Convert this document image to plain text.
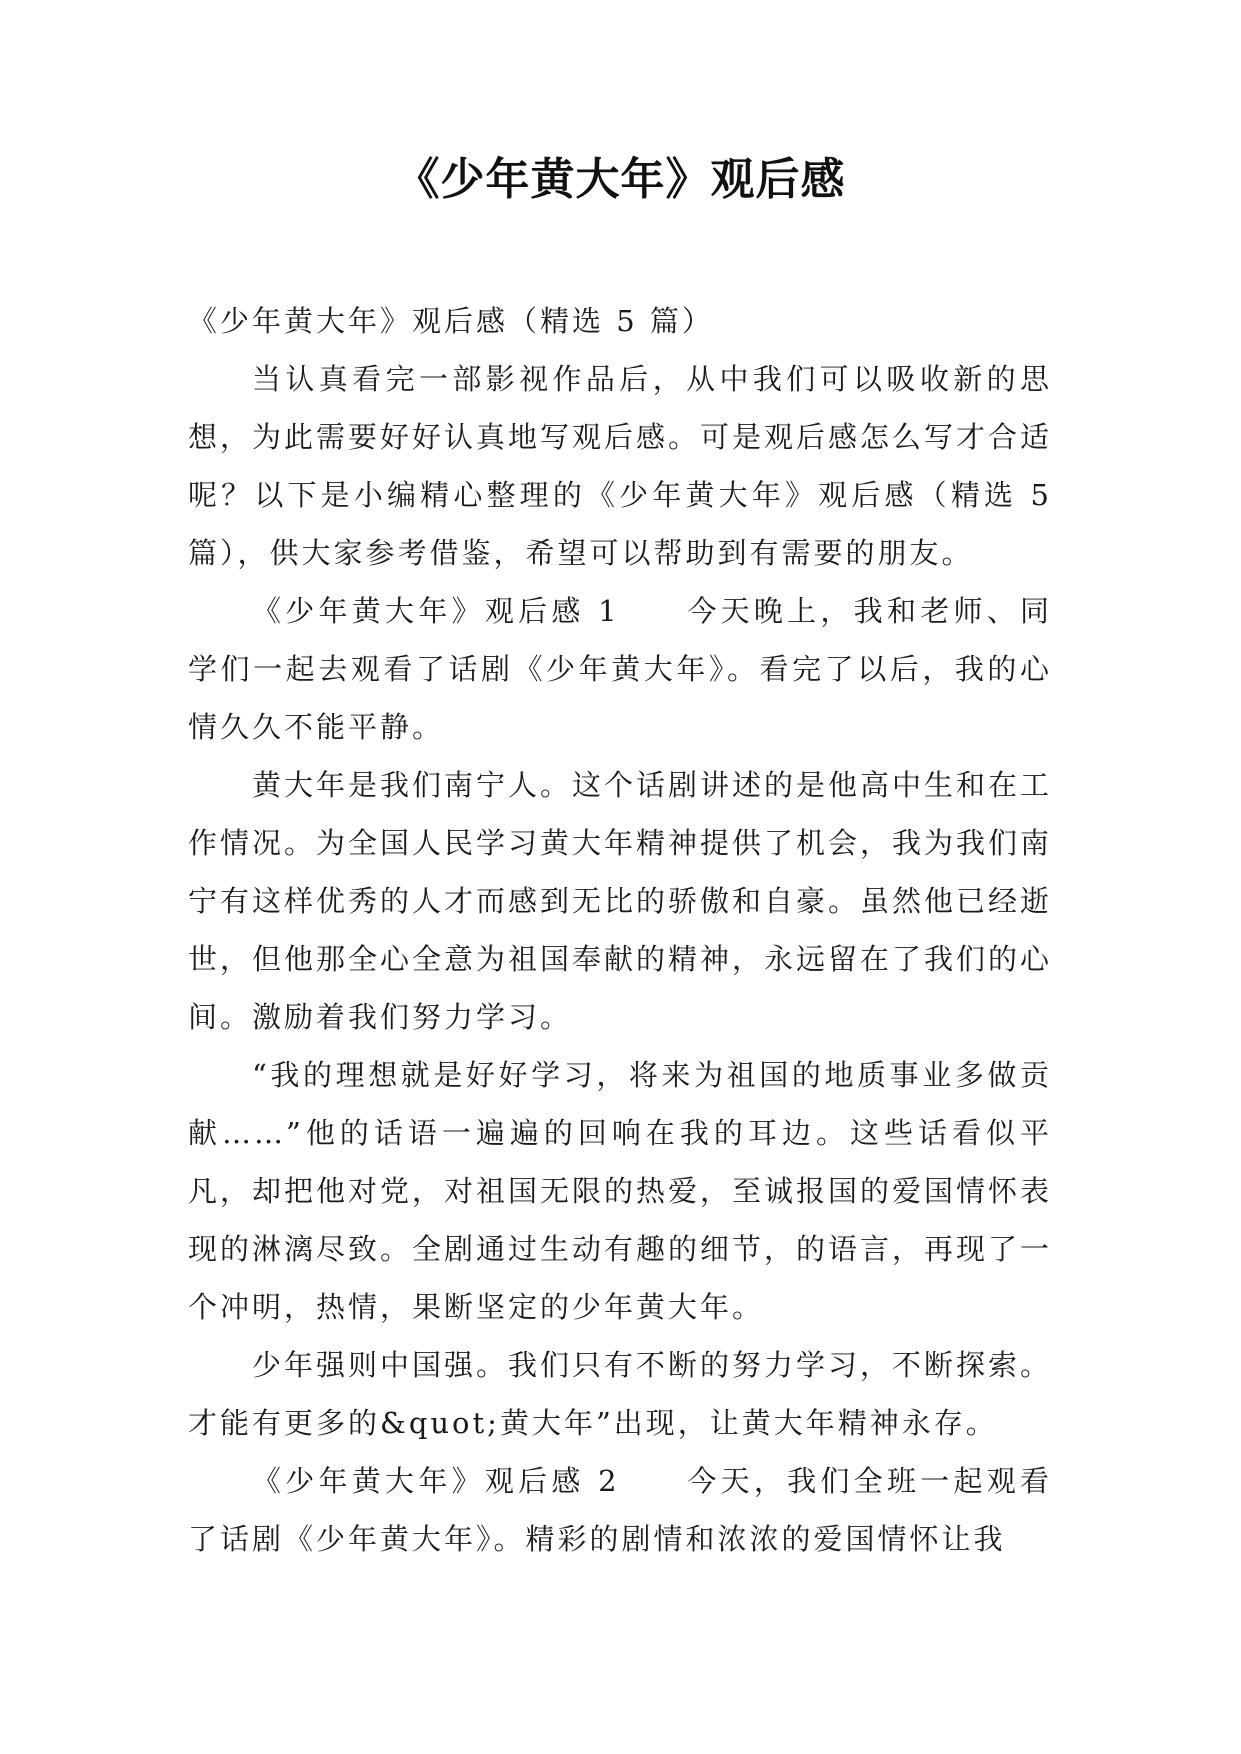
《少年黄大年》观后感

《少年黄大年》观后感（精选 5 篇）

当认真看完一部影视作品后，从中我们可以吸收新的思想，为此需要好好认真地写观后感。可是观后感怎么写才合适呢？以下是小编精心整理的《少年黄大年》观后感（精选 5 篇），供大家参考借鉴，希望可以帮助到有需要的朋友。

《少年黄大年》观后感 1　　今天晚上，我和老师、同学们一起去观看了话剧《少年黄大年》。看完了以后，我的心情久久不能平静。

黄大年是我们南宁人。这个话剧讲述的是他高中生和在工作情况。为全国人民学习黄大年精神提供了机会，我为我们南宁有这样优秀的人才而感到无比的骄傲和自豪。虽然他已经逝世，但他那全心全意为祖国奉献的精神，永远留在了我们的心间。激励着我们努力学习。

“我的理想就是好好学习，将来为祖国的地质事业多做贡献……”他的话语一遍遍的回响在我的耳边。这些话看似平凡，却把他对党，对祖国无限的热爱，至诚报国的爱国情怀表现的淋漓尽致。全剧通过生动有趣的细节，的语言，再现了一个冲明，热情，果断坚定的少年黄大年。

少年强则中国强。我们只有不断的努力学习，不断探索。才能有更多的&quot;黄大年”出现，让黄大年精神永存。

《少年黄大年》观后感 2　　今天，我们全班一起观看了话剧《少年黄大年》。精彩的剧情和浓浓的爱国情怀让我
